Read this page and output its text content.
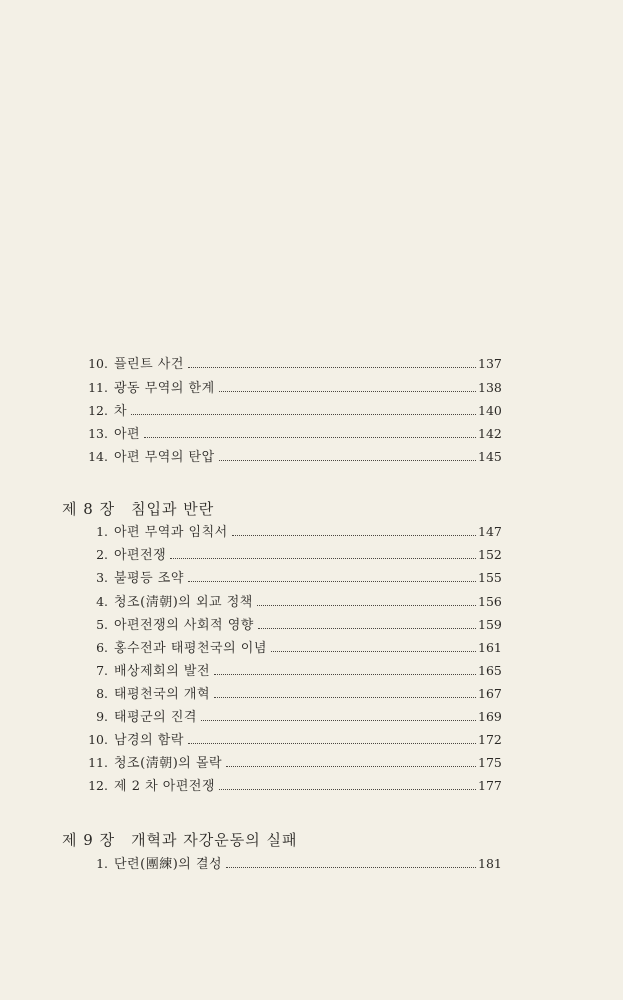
10. 플린트 사건	137
11. 광동 무역의 한계	138
12. 차	140
13. 아편	142
14. 아편 무역의 탄압	145
제 8 장 침입과 반란
1. 아편 무역과 임칙서	147
2. 아편전쟁	152
3. 불평등 조약	155
4. 청조(淸朝)의 외교 정책	156
5. 아편전쟁의 사회적 영향	159
6. 홍수전과 태평천국의 이념	161
7. 배상제회의 발전	165
8. 태평천국의 개혁	167
9. 태평군의 진격	169
10. 남경의 함락	172
11. 청조(淸朝)의 몰락	175
12. 제 2 차 아편전쟁	177
제 9 장 개혁과 자강운동의 실패
1. 단련(團練)의 결성	181
